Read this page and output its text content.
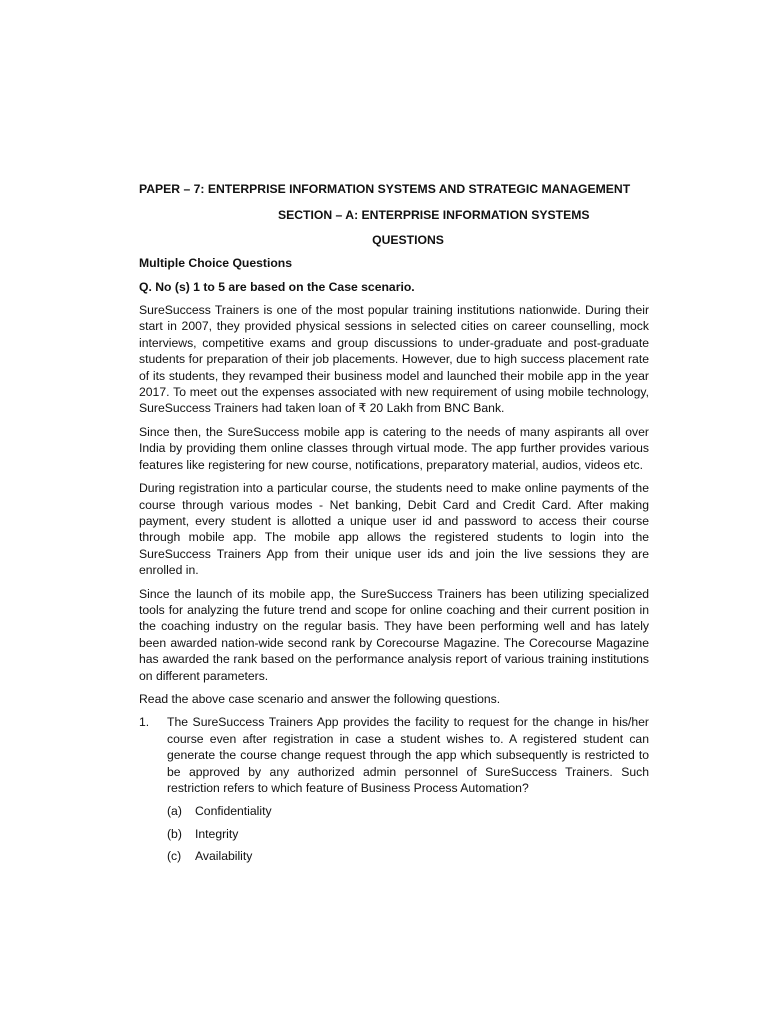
PAPER – 7: ENTERPRISE INFORMATION SYSTEMS AND STRATEGIC MANAGEMENT
SECTION – A: ENTERPRISE INFORMATION SYSTEMS
QUESTIONS
Multiple Choice Questions
Q. No (s) 1 to 5 are based on the Case scenario.

SureSuccess Trainers is one of the most popular training institutions nationwide. During their start in 2007, they provided physical sessions in selected cities on career counselling, mock interviews, competitive exams and group discussions to under-graduate and post-graduate students for preparation of their job placements. However, due to high success placement rate of its students, they revamped their business model and launched their mobile app in the year 2017. To meet out the expenses associated with new requirement of using mobile technology, SureSuccess Trainers had taken loan of ₹ 20 Lakh from BNC Bank.

Since then, the SureSuccess mobile app is catering to the needs of many aspirants all over India by providing them online classes through virtual mode. The app further provides various features like registering for new course, notifications, preparatory material, audios, videos etc.

During registration into a particular course, the students need to make online payments of the course through various modes - Net banking, Debit Card and Credit Card. After making payment, every student is allotted a unique user id and password to access their course through mobile app. The mobile app allows the registered students to login into the SureSuccess Trainers App from their unique user ids and join the live sessions they are enrolled in.

Since the launch of its mobile app, the SureSuccess Trainers has been utilizing specialized tools for analyzing the future trend and scope for online coaching and their current position in the coaching industry on the regular basis. They have been performing well and has lately been awarded nation-wide second rank by Corecourse Magazine. The Corecourse Magazine has awarded the rank based on the performance analysis report of various training institutions on different parameters.

Read the above case scenario and answer the following questions.
1.	The SureSuccess Trainers App provides the facility to request for the change in his/her course even after registration in case a student wishes to. A registered student can generate the course change request through the app which subsequently is restricted to be approved by any authorized admin personnel of SureSuccess Trainers. Such restriction refers to which feature of Business Process Automation?
(a)	Confidentiality
(b)	Integrity
(c)	Availability
